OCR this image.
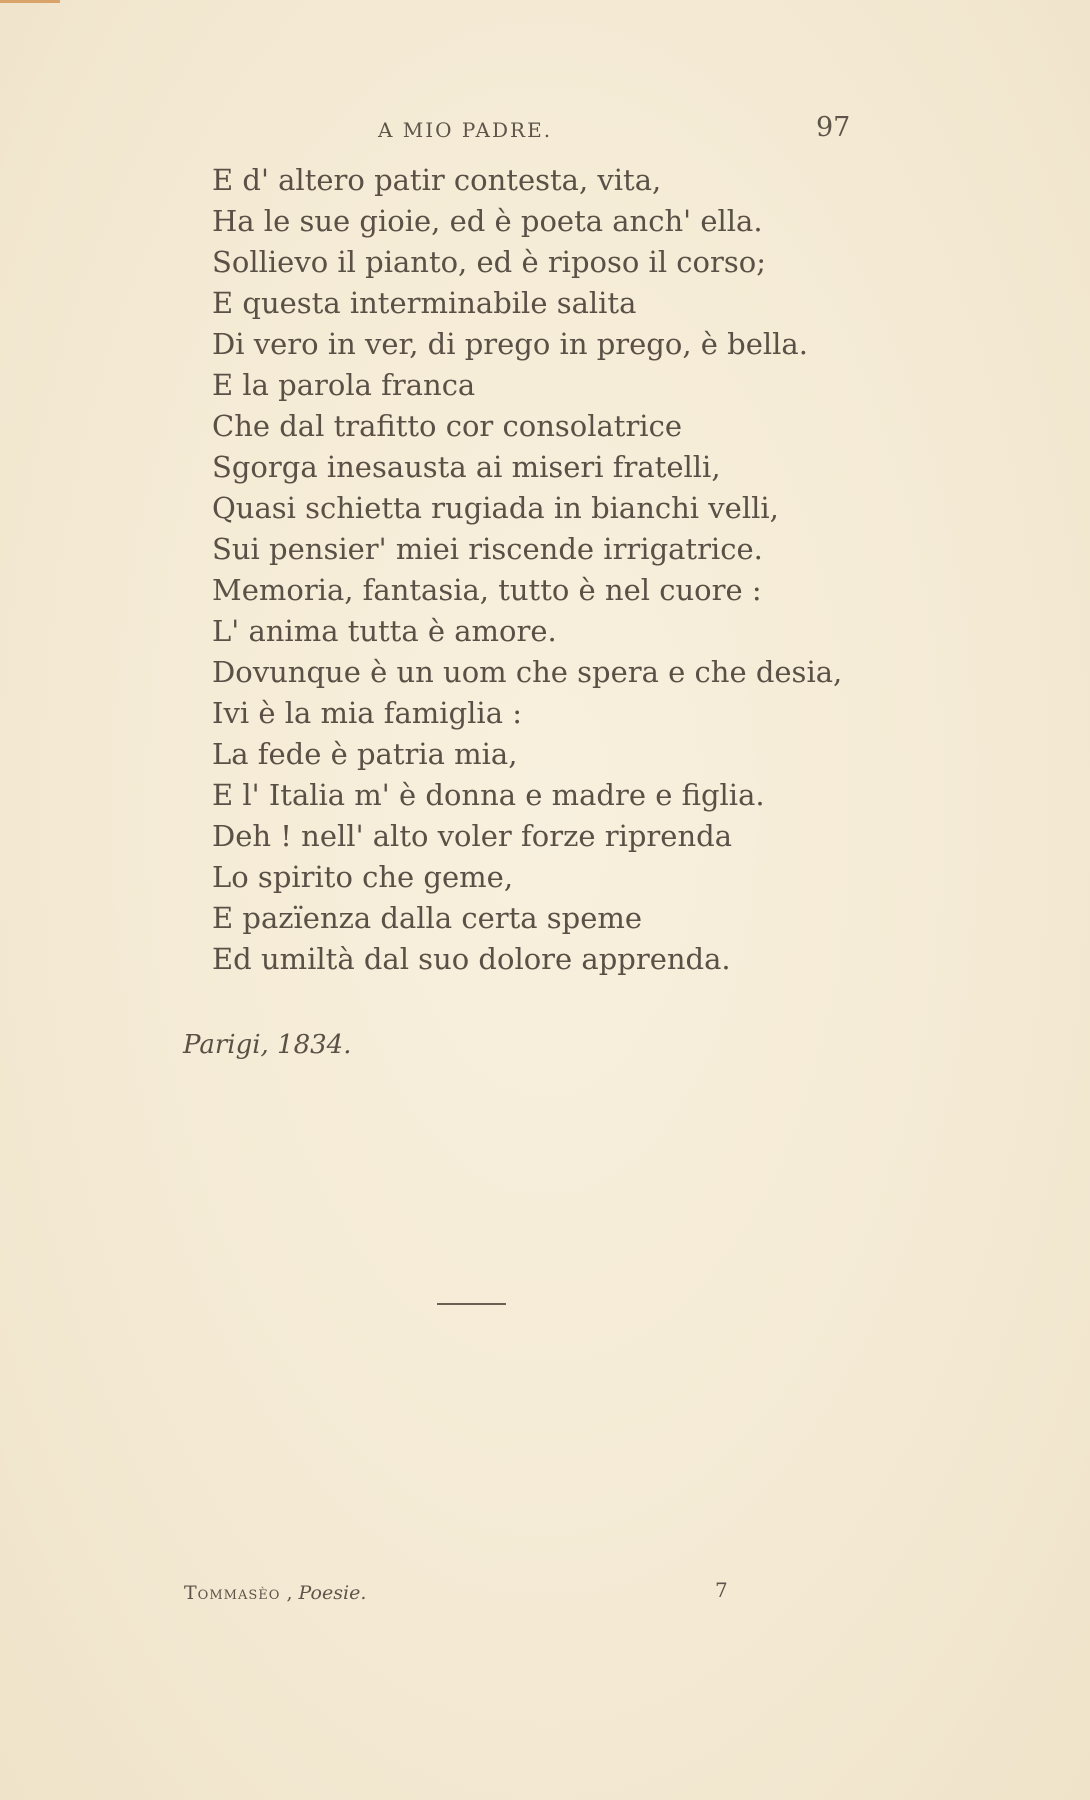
A MIO PADRE.	97
E d' altero patir contesta, vita,
Ha le sue gioie, ed è poeta anch' ella.
Sollievo il pianto, ed è riposo il corso;
E questa interminabile salita
Di vero in ver, di prego in prego, è bella.
E la parola franca
Che dal trafitto cor consolatrice
Sgorga inesausta ai miseri fratelli,
Quasi schietta rugiada in bianchi velli,
Sui pensier' miei riscende irrigatrice.
Memoria, fantasia, tutto è nel cuore :
L' anima tutta è amore.
Dovunque è un uom che spera e che desia,
Ivi è la mia famiglia :
La fede è patria mia,
E l' Italia m' è donna e madre e figlia.
Deh ! nell' alto voler forze riprenda
Lo spirito che geme,
E pazïenza dalla certa speme
Ed umiltà dal suo dolore apprenda.
Parigi, 1834.
Tommasèo , Poesie.	7
